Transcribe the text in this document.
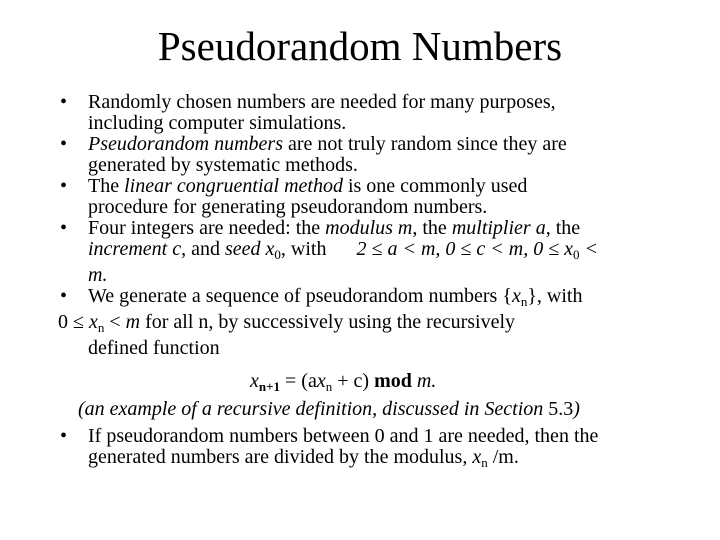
Pseudorandom Numbers

• Randomly chosen numbers are needed for many purposes,
including computer simulations.

• Pseudorandom numbers are not truly random since they are
generated by systematic methods.

• The linear congruential method is one commonly used
procedure for generating pseudorandom numbers.

• Four integers are needed: the modulus m, the multiplier a, the
increment c, and seed $x_0$, with 2 ≤ a < m, 0 ≤ c < m, $0 \le x_0$ <
m.

• We generate a sequence of pseudorandom numbers $\{x_n\}$, with
$0 \le x_n < m$ for all n, by successively using the recursively
defined function

$x_{n+1} = (ax_n + c)$ mod m.
(an example of a recursive definition, discussed in Section 5.3)

• If pseudorandom numbers between 0 and 1 are needed, then the
generated numbers are divided by the modulus, $x_n$ /m.
